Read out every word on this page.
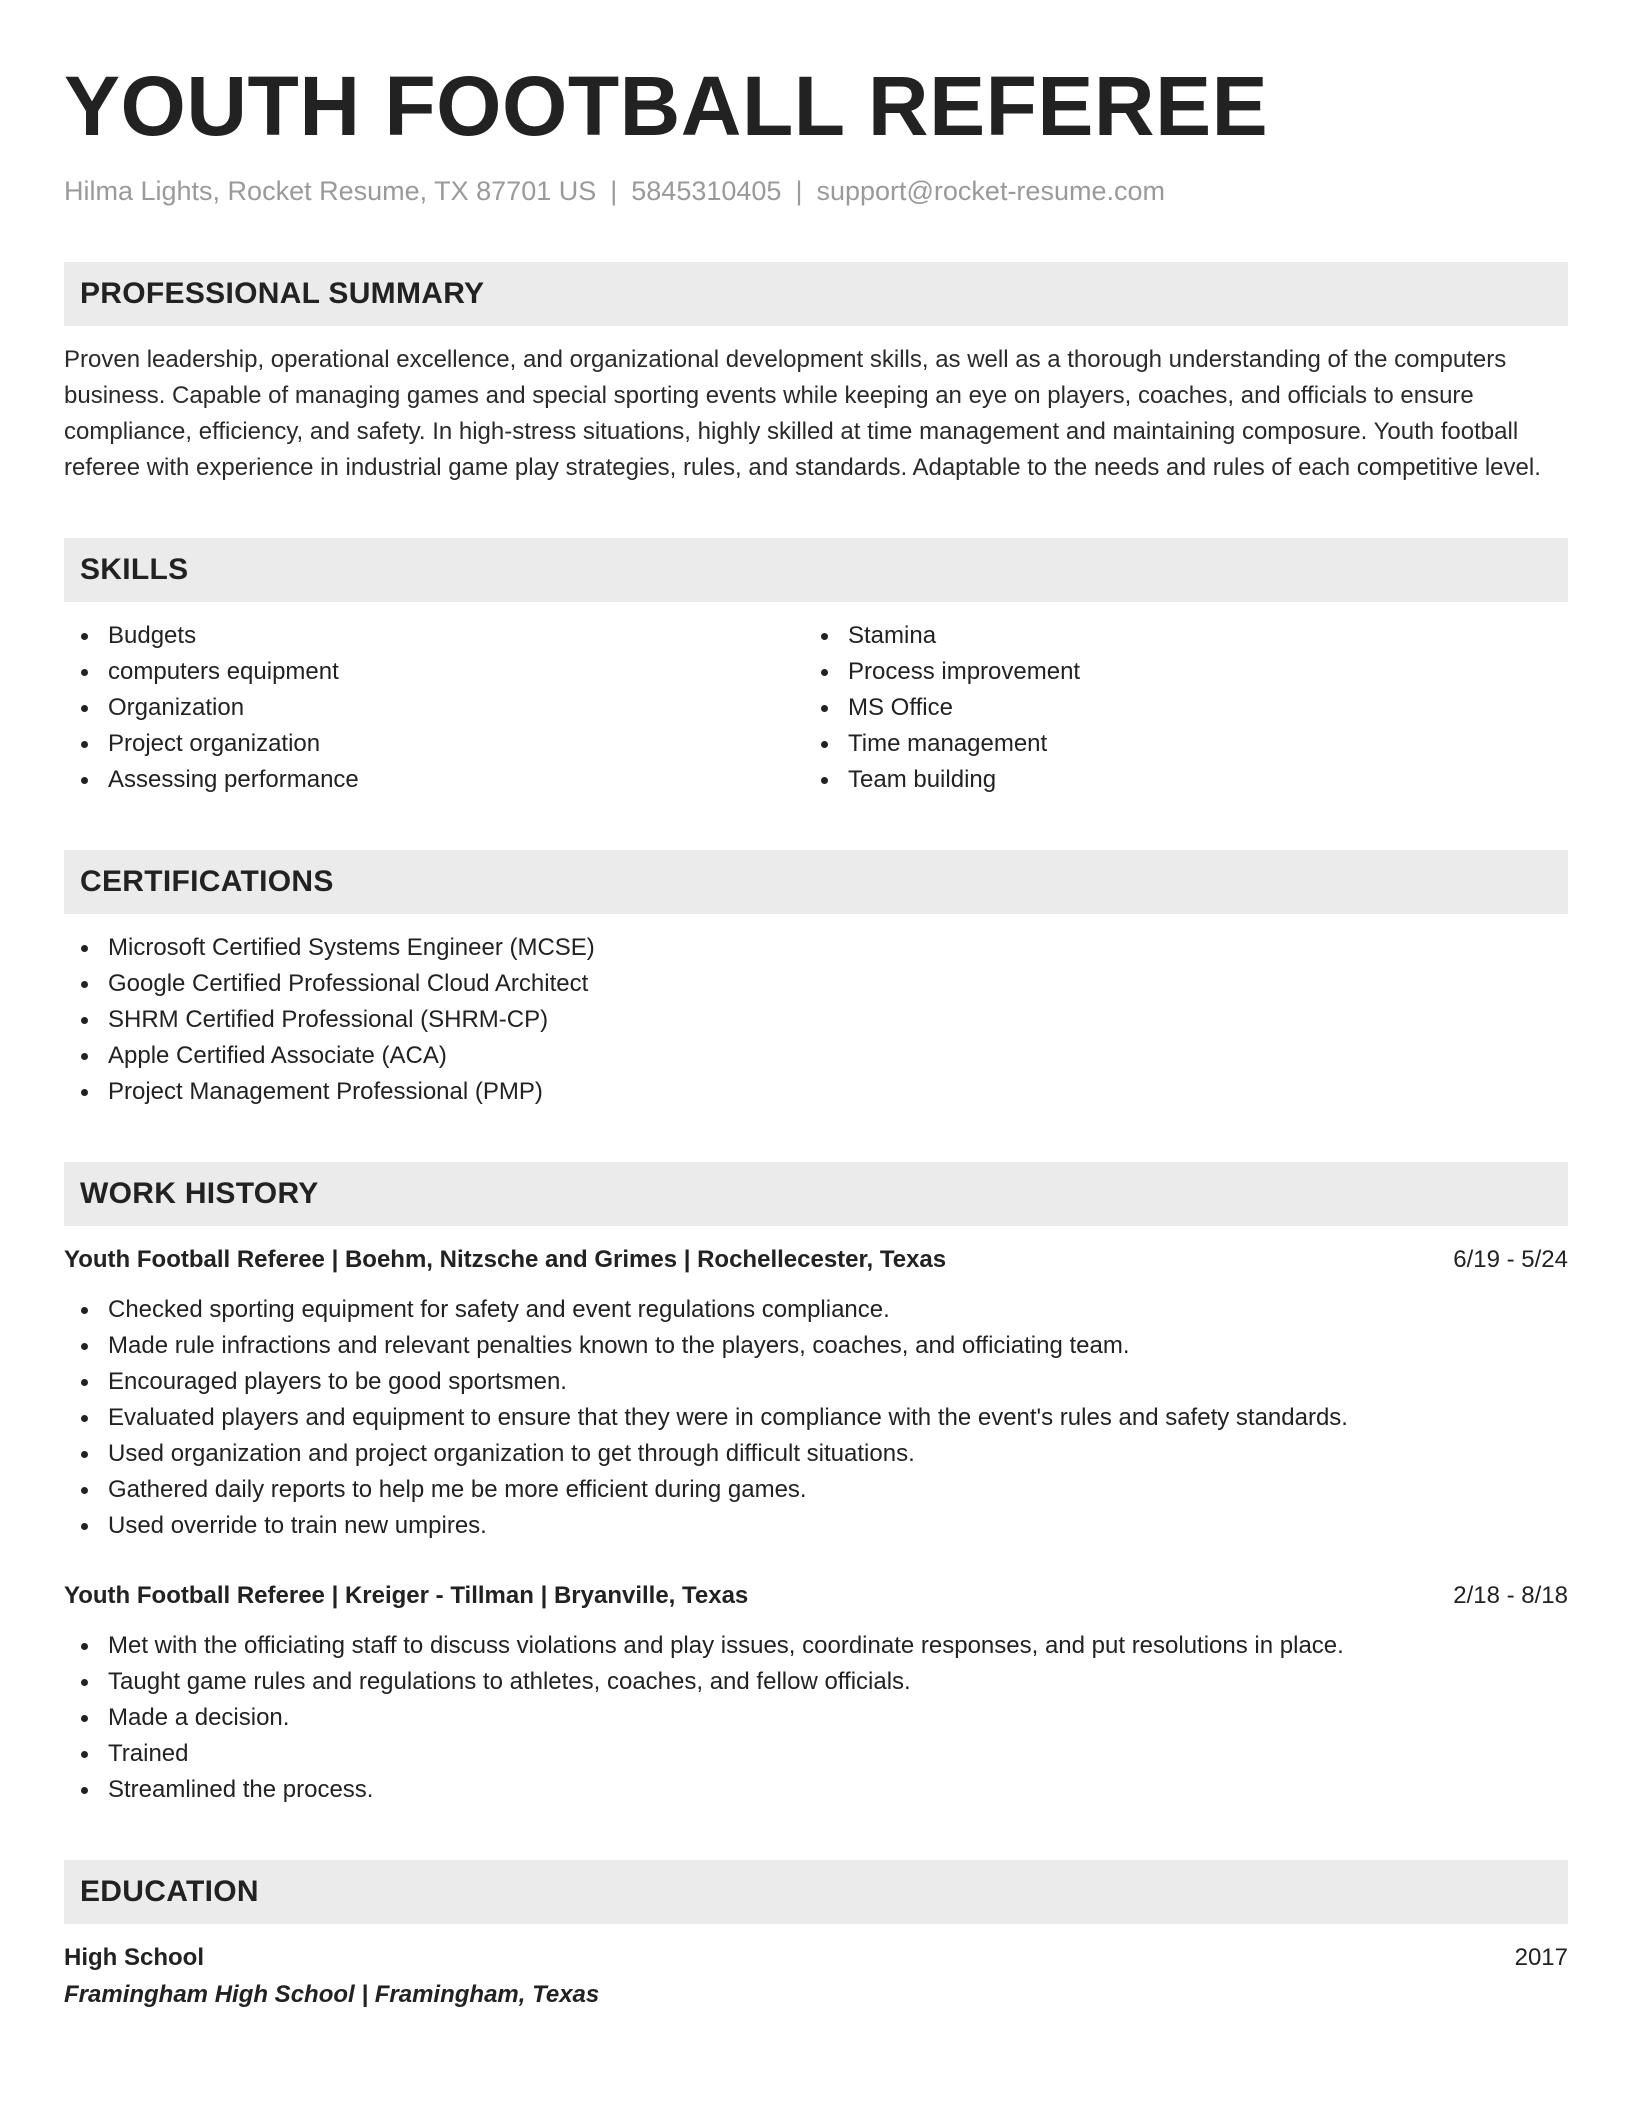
YOUTH FOOTBALL REFEREE
Hilma Lights, Rocket Resume, TX 87701 US | 5845310405 | support@rocket-resume.com
PROFESSIONAL SUMMARY

Proven leadership, operational excellence, and organizational development skills, as well as a thorough understanding of the computers business. Capable of managing games and special sporting events while keeping an eye on players, coaches, and officials to ensure compliance, efficiency, and safety. In high-stress situations, highly skilled at time management and maintaining composure. Youth football referee with experience in industrial game play strategies, rules, and standards. Adaptable to the needs and rules of each competitive level.

SKILLS
Budgets
computers equipment
Organization
Project organization
Assessing performance
Stamina
Process improvement
MS Office
Time management
Team building
CERTIFICATIONS
Microsoft Certified Systems Engineer (MCSE)
Google Certified Professional Cloud Architect
SHRM Certified Professional (SHRM-CP)
Apple Certified Associate (ACA)
Project Management Professional (PMP)
WORK HISTORY
Youth Football Referee | Boehm, Nitzsche and Grimes | Rochellecester, Texas	6/19 - 5/24
Checked sporting equipment for safety and event regulations compliance.
Made rule infractions and relevant penalties known to the players, coaches, and officiating team.
Encouraged players to be good sportsmen.
Evaluated players and equipment to ensure that they were in compliance with the event's rules and safety standards.
Used organization and project organization to get through difficult situations.
Gathered daily reports to help me be more efficient during games.
Used override to train new umpires.
Youth Football Referee | Kreiger - Tillman | Bryanville, Texas	2/18 - 8/18
Met with the officiating staff to discuss violations and play issues, coordinate responses, and put resolutions in place.
Taught game rules and regulations to athletes, coaches, and fellow officials.
Made a decision.
Trained
Streamlined the process.
EDUCATION
High School	2017
Framingham High School | Framingham, Texas
